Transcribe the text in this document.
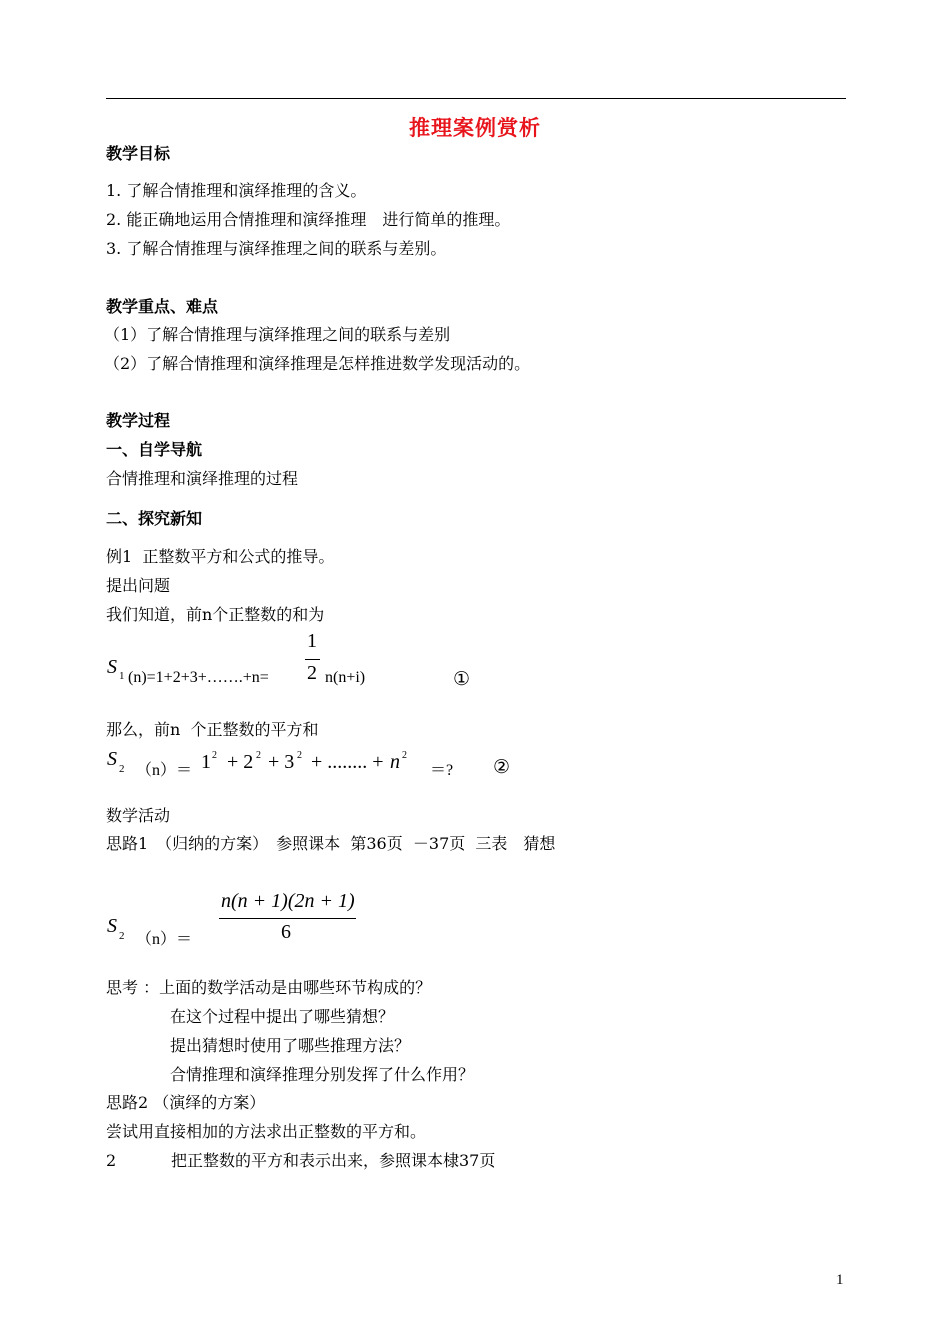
推理案例赏析
教学目标
1. 了解合情推理和演绎推理的含义。
2. 能正确地运用合情推理和演绎推理　进行简单的推理。
3. 了解合情推理与演绎推理之间的联系与差别。
教学重点、难点
（1）了解合情推理与演绎推理之间的联系与差别
（2）了解合情推理和演绎推理是怎样推进数学发现活动的。
教学过程
一、自学导航
合情推理和演绎推理的过程
二、探究新知
例1  正整数平方和公式的推导。
提出问题
我们知道，前n个正整数的和为
S 1 (n)=1+2+3+…….+n=
1
2 n(n+i)	①
那么，前n  个正整数的平方和
S 2 （n）＝ 1 2 + 2 2 + 3 2 + ........ + n 2
＝? ②
数学活动
思路1　（归纳的方案）　参照课本  第36页  －37页  三表　猜想
S 2 （n）＝
n(n + 1)(2n + 1)
6
思考 ：上面的数学活动是由哪些环节构成的？
　　　　在这个过程中提出了哪些猜想？
　　　　提出猜想时使用了哪些推理方法？
　　　　合情推理和演绎推理分别发挥了什么作用？
思路2 （演绎的方案）
尝试用直接相加的方法求出正整数的平方和。
2	把正整数的平方和表示出来，参照课本棣37页
1
